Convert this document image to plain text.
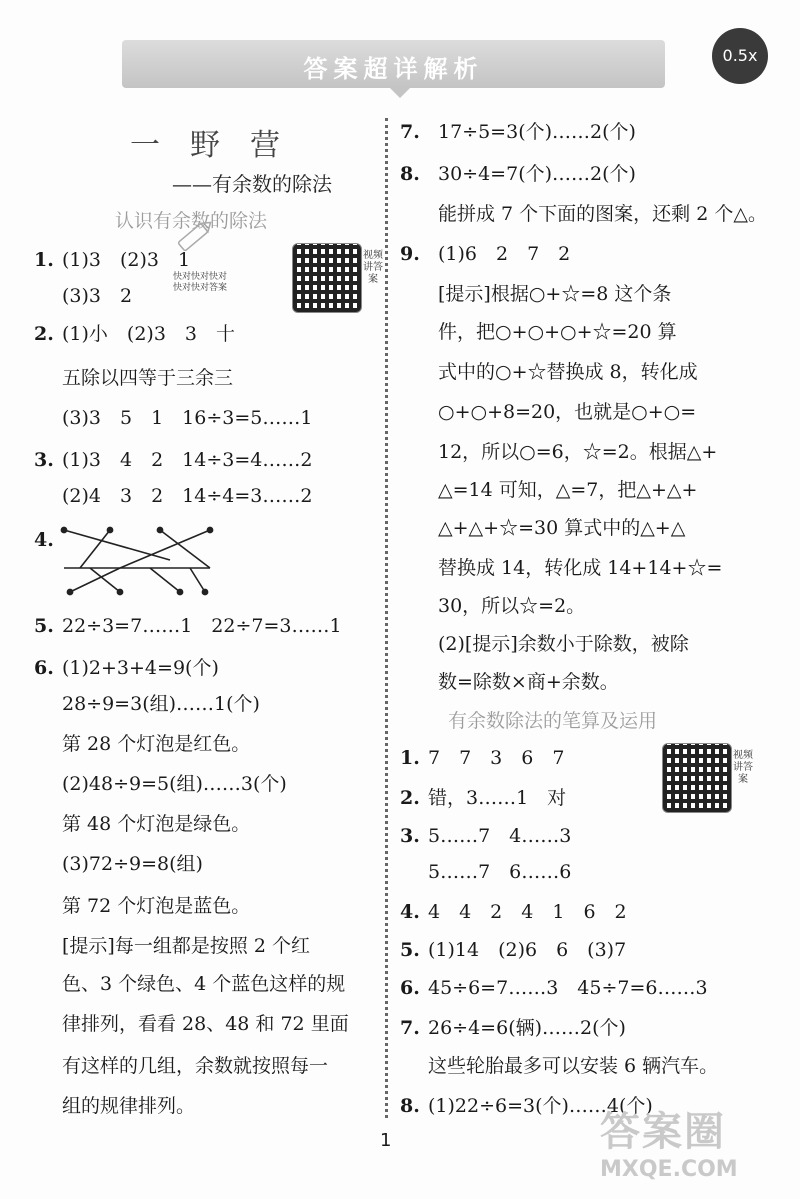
答案超详解析	0.5x
一野营
——有余数的除法
认识有余数的除法
视频讲答案
快对快对快对
快对快对答案
1. (1)3　(2)3　1
(3)3　2
2. (1)小　(2)3　3　十
五除以四等于三余三
(3)3　5　1　16÷3=5……1
3. (1)3　4　2　14÷3=4……2
(2)4　3　2　14÷4=3……2
4.
5. 22÷3=7……1　22÷7=3……1
6. (1)2+3+4=9(个)
28÷9=3(组)……1(个)
第 28 个灯泡是红色。
(2)48÷9=5(组)……3(个)
第 48 个灯泡是绿色。
(3)72÷9=8(组)
第 72 个灯泡是蓝色。
[提示]每一组都是按照 2 个红
色、3 个绿色、4 个蓝色这样的规
律排列，看看 28、48 和 72 里面
有这样的几组，余数就按照每一
组的规律排列。
7. 17÷5=3(个)……2(个)
8. 30÷4=7(个)……2(个)
能拼成 7 个下面的图案，还剩 2 个△。
9. (1)6　2　7　2
[提示]根据○+☆=8 这个条
件，把○+○+○+☆=20 算
式中的○+☆替换成 8，转化成
○+○+8=20，也就是○+○=
12，所以○=6，☆=2。根据△+
△=14 可知，△=7，把△+△+
△+△+☆=30 算式中的△+△
替换成 14，转化成 14+14+☆=
30，所以☆=2。
(2)[提示]余数小于除数，被除
数=除数×商+余数。
有余数除法的笔算及运用
视频讲答案
1. 7　7　3　6　7
2. 错，3……1　对
3. 5……7　4……3
5……7　6……6
4. 4　4　2　4　1　6　2
5. (1)14　(2)6　6　(3)7
6. 45÷6=7……3　45÷7=6……3
7. 26÷4=6(辆)……2(个)
这些轮胎最多可以安装 6 辆汽车。
8. (1)22÷6=3(个)……4(个)
1	答案圈
MXQE.COM
